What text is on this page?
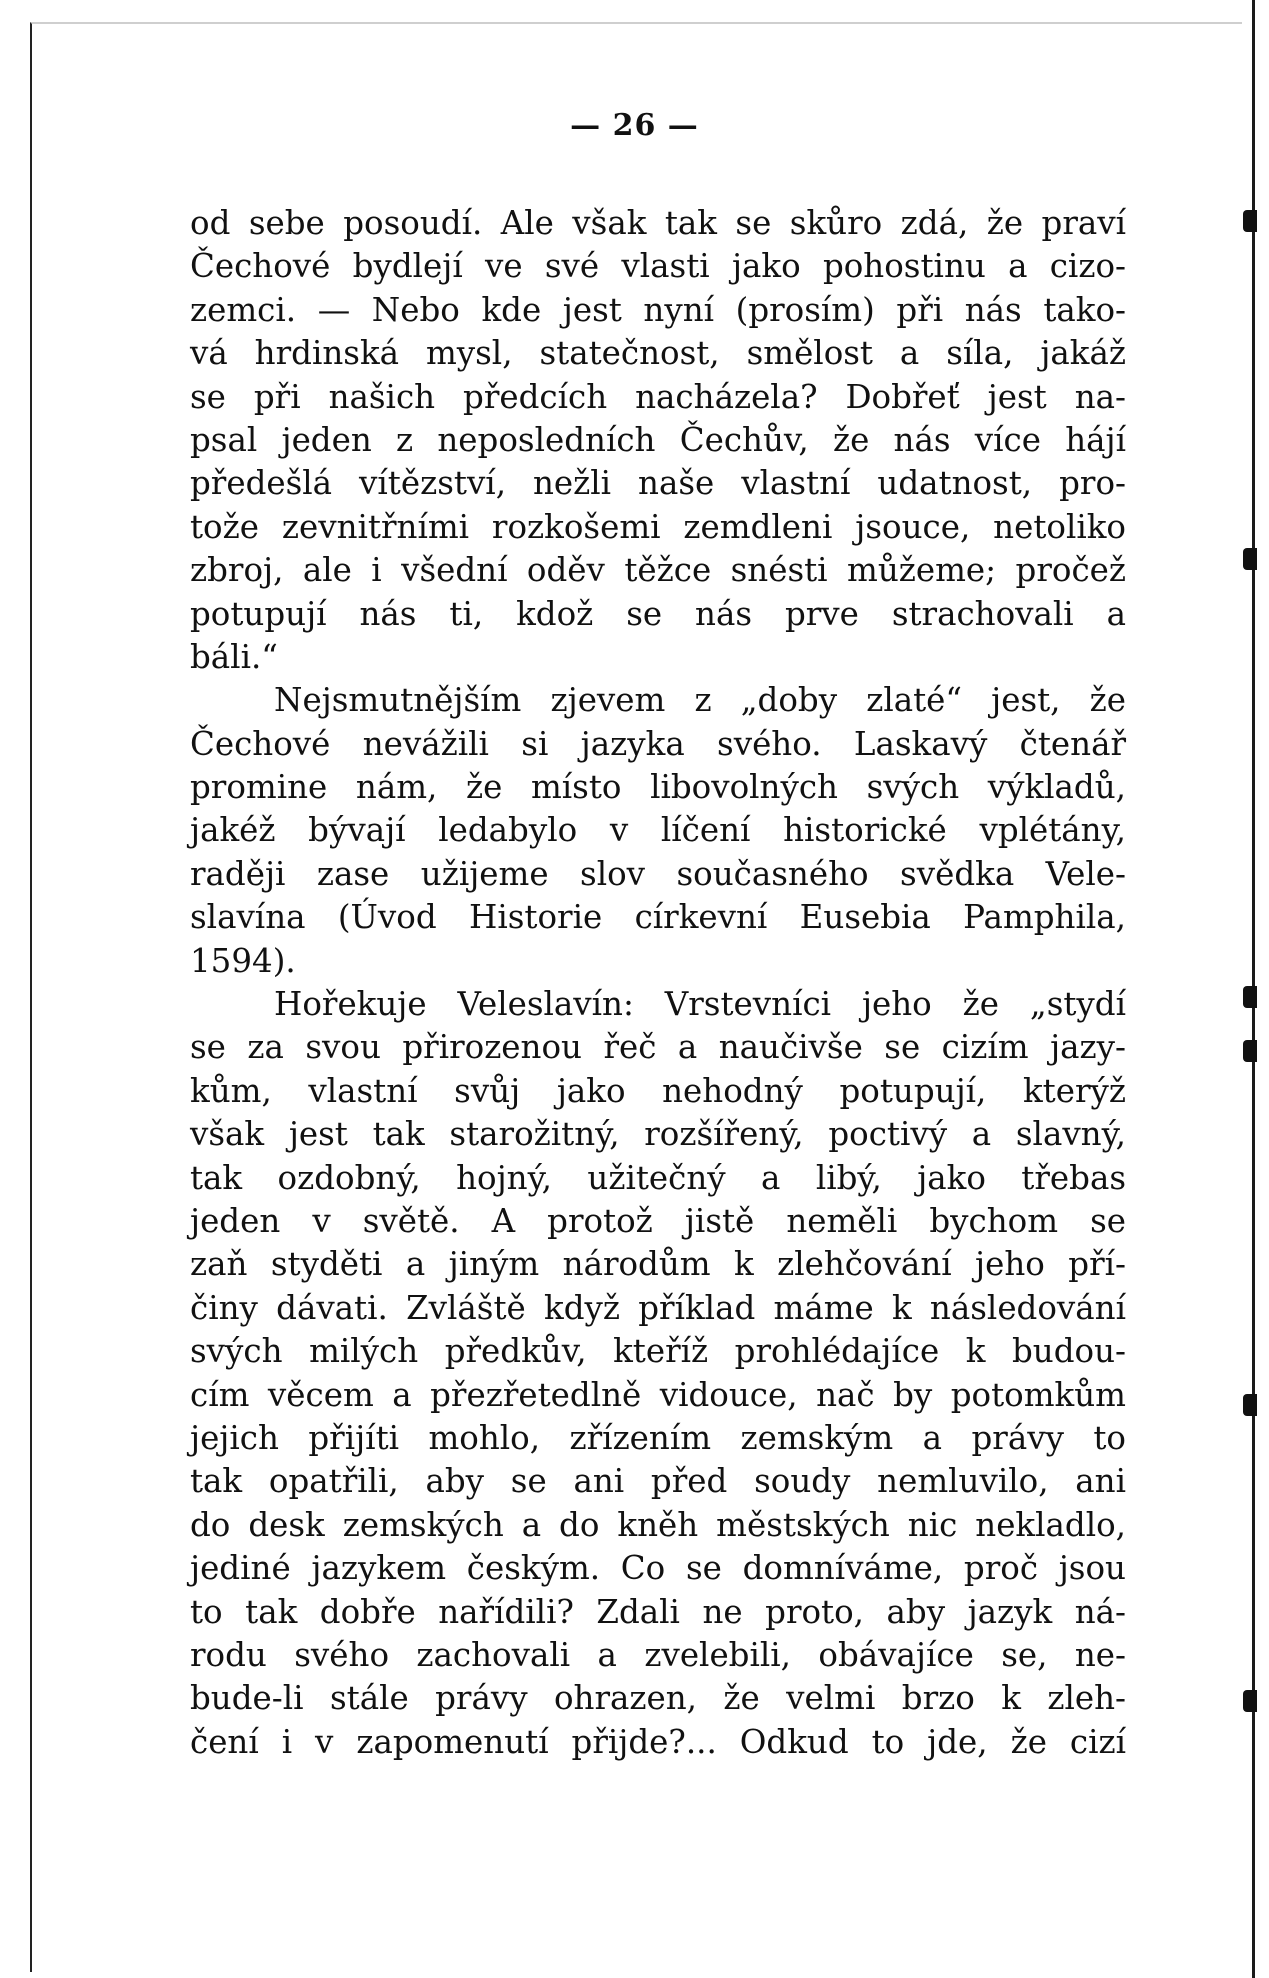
— 26 —
od sebe posoudí. Ale však tak se skůro zdá, že praví
Čechové bydlejí ve své vlasti jako pohostinu a cizo-
zemci. — Nebo kde jest nyní (prosím) při nás tako-
vá hrdinská mysl, statečnost, smělost a síla, jakáž
se při našich předcích nacházela? Dobřeť jest na-
psal jeden z neposledních Čechův, že nás více hájí
předešlá vítězství, nežli naše vlastní udatnost, pro-
tože zevnitřními rozkošemi zemdleni jsouce, netoliko
zbroj, ale i všední oděv těžce snésti můžeme; pročež
potupují nás ti, kdož se nás prve strachovali a
báli.“
Nejsmutnějším zjevem z „doby zlaté“ jest, že
Čechové nevážili si jazyka svého. Laskavý čtenář
promine nám, že místo libovolných svých výkladů,
jakéž bývají ledabylo v líčení historické vplétány,
raději zase užijeme slov současného svědka Vele-
slavína (Úvod Historie církevní Eusebia Pamphila,
1594).
Hořekuje Veleslavín: Vrstevníci jeho že „stydí
se za svou přirozenou řeč a naučivše se cizím jazy-
kům, vlastní svůj jako nehodný potupují, kterýž
však jest tak starožitný, rozšířený, poctivý a slavný,
tak ozdobný, hojný, užitečný a libý, jako třebas
jeden v světě. A protož jistě neměli bychom se
zaň styděti a jiným národům k zlehčování jeho pří-
činy dávati. Zvláště když příklad máme k následování
svých milých předkův, kteříž prohlédajíce k budou-
cím věcem a přezřetedlně vidouce, nač by potomkům
jejich přijíti mohlo, zřízením zemským a právy to
tak opatřili, aby se ani před soudy nemluvilo, ani
do desk zemských a do kněh městských nic nekladlo,
jediné jazykem českým. Co se domníváme, proč jsou
to tak dobře nařídili? Zdali ne proto, aby jazyk ná-
rodu svého zachovali a zvelebili, obávajíce se, ne-
bude-li stále právy ohrazen, že velmi brzo k zleh-
čení i v zapomenutí přijde?... Odkud to jde, že cizí
